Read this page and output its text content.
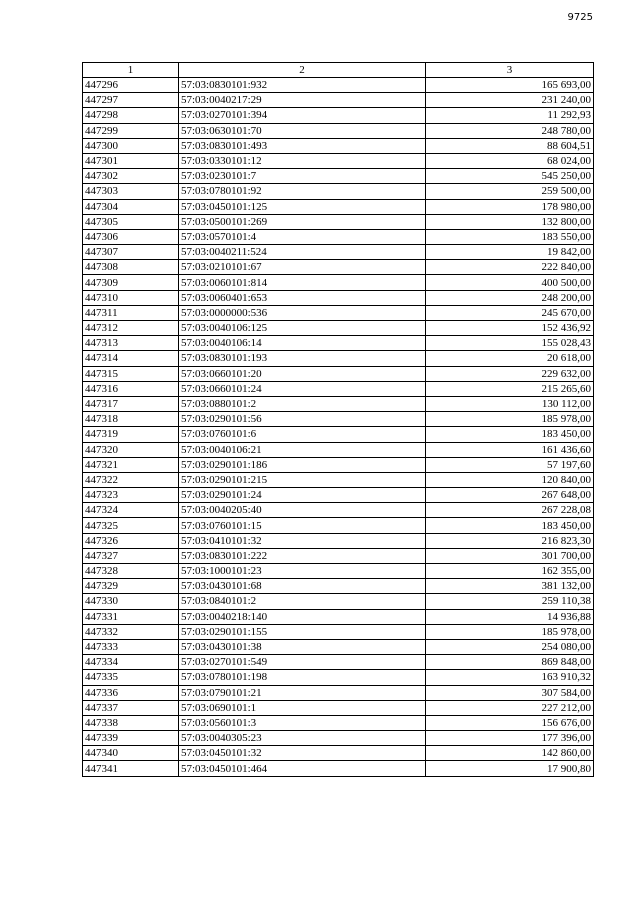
9725
1	2	3
447296	57:03:0830101:932	165 693,00
447297	57:03:0040217:29	231 240,00
447298	57:03:0270101:394	11 292,93
447299	57:03:0630101:70	248 780,00
447300	57:03:0830101:493	88 604,51
447301	57:03:0330101:12	68 024,00
447302	57:03:0230101:7	545 250,00
447303	57:03:0780101:92	259 500,00
447304	57:03:0450101:125	178 980,00
447305	57:03:0500101:269	132 800,00
447306	57:03:0570101:4	183 550,00
447307	57:03:0040211:524	19 842,00
447308	57:03:0210101:67	222 840,00
447309	57:03:0060101:814	400 500,00
447310	57:03:0060401:653	248 200,00
447311	57:03:0000000:536	245 670,00
447312	57:03:0040106:125	152 436,92
447313	57:03:0040106:14	155 028,43
447314	57:03:0830101:193	20 618,00
447315	57:03:0660101:20	229 632,00
447316	57:03:0660101:24	215 265,60
447317	57:03:0880101:2	130 112,00
447318	57:03:0290101:56	185 978,00
447319	57:03:0760101:6	183 450,00
447320	57:03:0040106:21	161 436,60
447321	57:03:0290101:186	57 197,60
447322	57:03:0290101:215	120 840,00
447323	57:03:0290101:24	267 648,00
447324	57:03:0040205:40	267 228,08
447325	57:03:0760101:15	183 450,00
447326	57:03:0410101:32	216 823,30
447327	57:03:0830101:222	301 700,00
447328	57:03:1000101:23	162 355,00
447329	57:03:0430101:68	381 132,00
447330	57:03:0840101:2	259 110,38
447331	57:03:0040218:140	14 936,88
447332	57:03:0290101:155	185 978,00
447333	57:03:0430101:38	254 080,00
447334	57:03:0270101:549	869 848,00
447335	57:03:0780101:198	163 910,32
447336	57:03:0790101:21	307 584,00
447337	57:03:0690101:1	227 212,00
447338	57:03:0560101:3	156 676,00
447339	57:03:0040305:23	177 396,00
447340	57:03:0450101:32	142 860,00
447341	57:03:0450101:464	17 900,80
